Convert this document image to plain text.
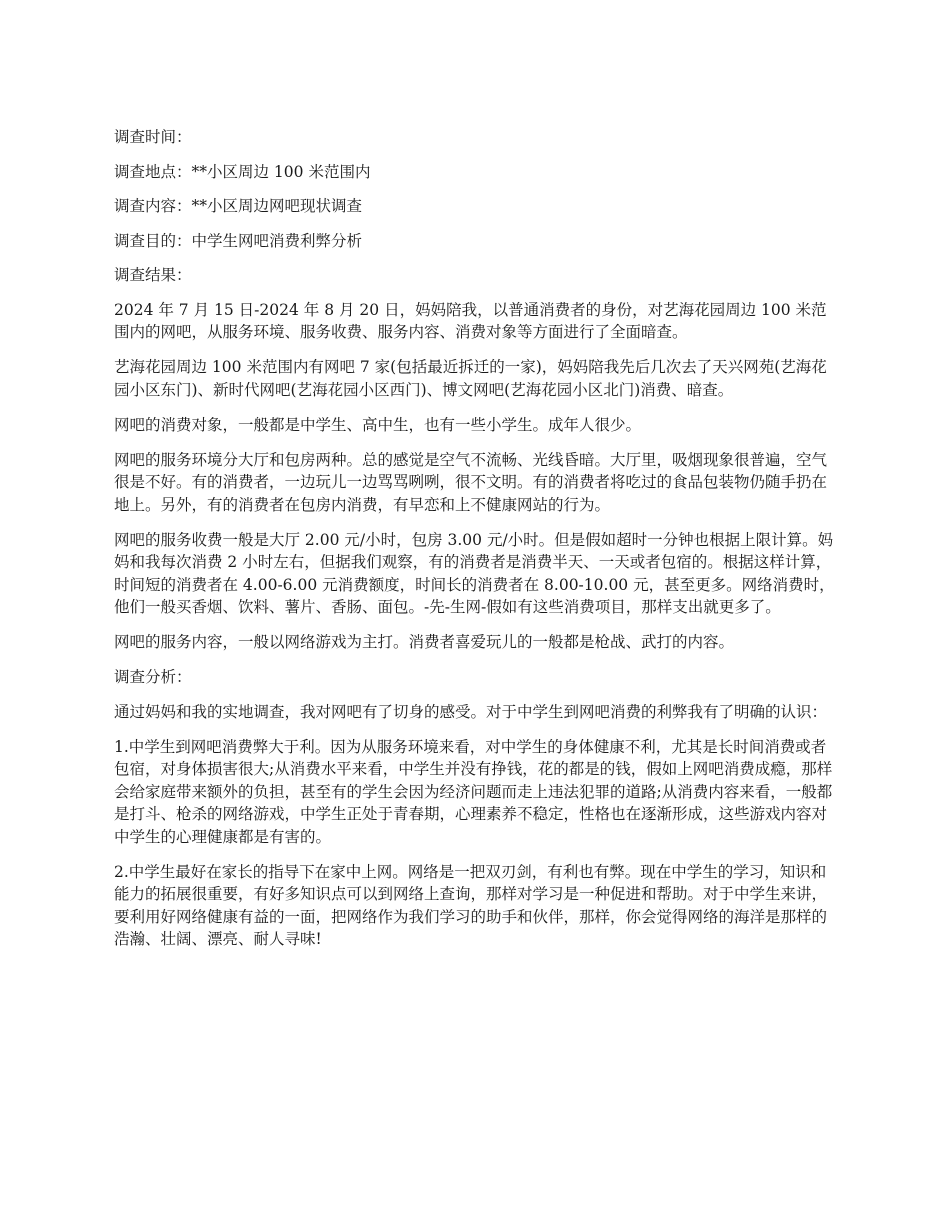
调查时间：

调查地点：**小区周边 100 米范围内

调查内容：**小区周边网吧现状调查

调查目的：中学生网吧消费利弊分析

调查结果：

2024 年 7 月 15 日-2024 年 8 月 20 日，妈妈陪我，以普通消费者的身份，对艺海花园周边 100 米范围内的网吧，从服务环境、服务收费、服务内容、消费对象等方面进行了全面暗查。

艺海花园周边 100 米范围内有网吧 7 家(包括最近拆迁的一家)，妈妈陪我先后几次去了天兴网苑(艺海花园小区东门)、新时代网吧(艺海花园小区西门)、博文网吧(艺海花园小区北门)消费、暗查。

网吧的消费对象，一般都是中学生、高中生，也有一些小学生。成年人很少。

网吧的服务环境分大厅和包房两种。总的感觉是空气不流畅、光线昏暗。大厅里，吸烟现象很普遍，空气很是不好。有的消费者，一边玩儿一边骂骂咧咧，很不文明。有的消费者将吃过的食品包装物仍随手扔在地上。另外，有的消费者在包房内消费，有早恋和上不健康网站的行为。

网吧的服务收费一般是大厅 2.00 元/小时，包房 3.00 元/小时。但是假如超时一分钟也根据上限计算。妈妈和我每次消费 2 小时左右，但据我们观察，有的消费者是消费半天、一天或者包宿的。根据这样计算，时间短的消费者在 4.00-6.00 元消费额度，时间长的消费者在 8.00-10.00 元，甚至更多。网络消费时，他们一般买香烟、饮料、薯片、香肠、面包。-先-生网-假如有这些消费项目，那样支出就更多了。

网吧的服务内容，一般以网络游戏为主打。消费者喜爱玩儿的一般都是枪战、武打的内容。

调查分析：

通过妈妈和我的实地调查，我对网吧有了切身的感受。对于中学生到网吧消费的利弊我有了明确的认识：

1.中学生到网吧消费弊大于利。因为从服务环境来看，对中学生的身体健康不利，尤其是长时间消费或者包宿，对身体损害很大;从消费水平来看，中学生并没有挣钱，花的都是的钱，假如上网吧消费成瘾，那样会给家庭带来额外的负担，甚至有的学生会因为经济问题而走上违法犯罪的道路;从消费内容来看，一般都是打斗、枪杀的网络游戏，中学生正处于青春期，心理素养不稳定，性格也在逐渐形成，这些游戏内容对中学生的心理健康都是有害的。

2.中学生最好在家长的指导下在家中上网。网络是一把双刃剑，有利也有弊。现在中学生的学习，知识和能力的拓展很重要，有好多知识点可以到网络上查询，那样对学习是一种促进和帮助。对于中学生来讲，要利用好网络健康有益的一面，把网络作为我们学习的助手和伙伴，那样，你会觉得网络的海洋是那样的浩瀚、壮阔、漂亮、耐人寻味!
